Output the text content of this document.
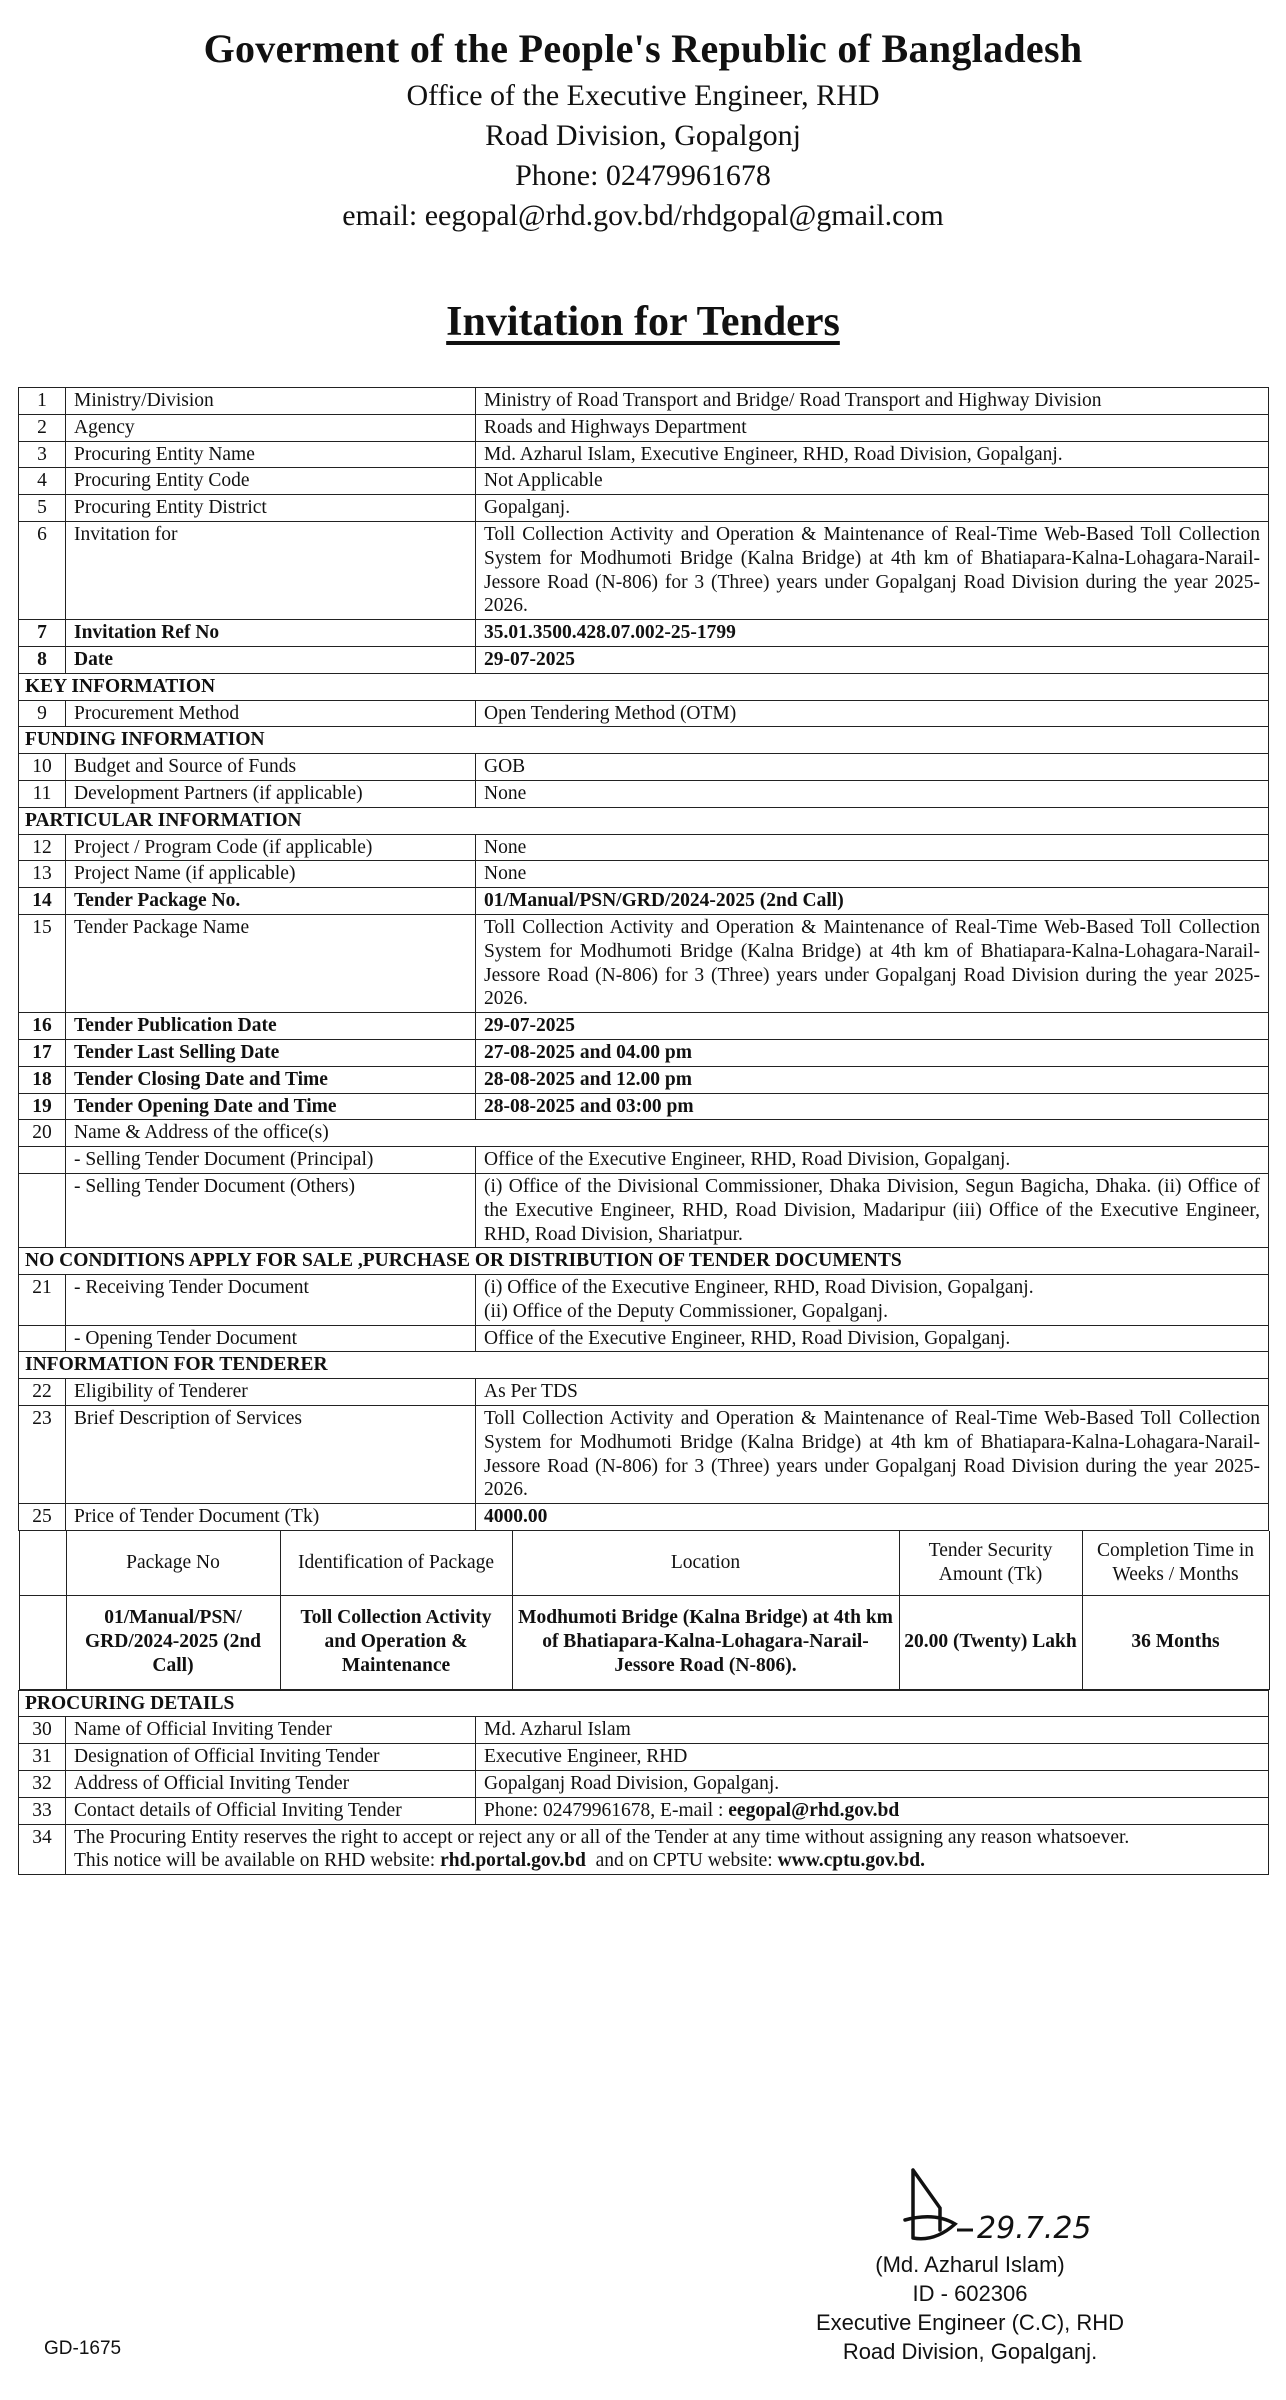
Goverment of the People's Republic of Bangladesh
Office of the Executive Engineer, RHD
Road Division, Gopalgonj
Phone: 02479961678
email: eegopal@rhd.gov.bd/rhdgopal@gmail.com
Invitation for Tenders
1	Ministry/Division	Ministry of Road Transport and Bridge/ Road Transport and Highway Division
2	Agency	Roads and Highways Department
3	Procuring Entity Name	Md. Azharul Islam, Executive Engineer, RHD, Road Division, Gopalganj.
4	Procuring Entity Code	Not Applicable
5	Procuring Entity District	Gopalganj.
6	Invitation for	Toll Collection Activity and Operation & Maintenance of Real-Time Web-Based Toll Collection System for Modhumoti Bridge (Kalna Bridge) at 4th km of Bhatiapara-Kalna-Lohagara-Narail-Jessore Road (N-806) for 3 (Three) years under Gopalganj Road Division during the year 2025-2026.
7	Invitation Ref No	35.01.3500.428.07.002-25-1799
8	Date	29-07-2025
KEY INFORMATION
9	Procurement Method	Open Tendering Method (OTM)
FUNDING INFORMATION
10	Budget and Source of Funds	GOB
11	Development Partners (if applicable)	None
PARTICULAR INFORMATION
12	Project / Program Code (if applicable)	None
13	Project Name (if applicable)	None
14	Tender Package No.	01/Manual/PSN/GRD/2024-2025 (2nd Call)
15	Tender Package Name	Toll Collection Activity and Operation & Maintenance of Real-Time Web-Based Toll Collection System for Modhumoti Bridge (Kalna Bridge) at 4th km of Bhatiapara-Kalna-Lohagara-Narail-Jessore Road (N-806) for 3 (Three) years under Gopalganj Road Division during the year 2025-2026.
16	Tender Publication Date	29-07-2025
17	Tender Last Selling Date	27-08-2025 and 04.00 pm
18	Tender Closing Date and Time	28-08-2025 and 12.00 pm
19	Tender Opening Date and Time	28-08-2025 and 03:00 pm
20	Name & Address of the office(s)
	- Selling Tender Document (Principal)	Office of the Executive Engineer, RHD, Road Division, Gopalganj.
	- Selling Tender Document (Others)	(i) Office of the Divisional Commissioner, Dhaka Division, Segun Bagicha, Dhaka. (ii) Office of the Executive Engineer, RHD, Road Division, Madaripur (iii) Office of the Executive Engineer, RHD, Road Division, Shariatpur.
NO CONDITIONS APPLY FOR SALE ,PURCHASE OR DISTRIBUTION OF TENDER DOCUMENTS
21	- Receiving Tender Document	(i) Office of the Executive Engineer, RHD, Road Division, Gopalganj.
(ii) Office of the Deputy Commissioner, Gopalganj.

	- Opening Tender Document	Office of the Executive Engineer, RHD, Road Division, Gopalganj.
INFORMATION FOR TENDERER
22	Eligibility of Tenderer	As Per TDS
23	Brief Description of Services	Toll Collection Activity and Operation & Maintenance of Real-Time Web-Based Toll Collection System for Modhumoti Bridge (Kalna Bridge) at 4th km of Bhatiapara-Kalna-Lohagara-Narail-Jessore Road (N-806) for 3 (Three) years under Gopalganj Road Division during the year 2025-2026.
25	Price of Tender Document (Tk)	4000.00

	Package No	Identification of Package	Location	Tender Security Amount (Tk)	Completion Time in Weeks / Months
	01/Manual/PSN/ GRD/2024-2025 (2nd Call)	Toll Collection Activity and Operation & Maintenance	Modhumoti Bridge (Kalna Bridge) at 4th km of Bhatiapara-Kalna-Lohagara-Narail-Jessore Road (N-806).	20.00 (Twenty) Lakh	36 Months

PROCURING DETAILS
30	Name of Official Inviting Tender	Md. Azharul Islam
31	Designation of Official Inviting Tender	Executive Engineer, RHD
32	Address of Official Inviting Tender	Gopalganj Road Division, Gopalganj.
33	Contact details of Official Inviting Tender	Phone: 02479961678, E-mail : eegopal@rhd.gov.bd
34	The Procuring Entity reserves the right to accept or reject any or all of the Tender at any time without assigning any reason whatsoever.
This notice will be available on RHD website: rhd.portal.gov.bd  and on CPTU website: www.cptu.gov.bd.
29.7.25
(Md. Azharul Islam)
ID - 602306
Executive Engineer (C.C), RHD
Road Division, Gopalganj.
GD-1675
